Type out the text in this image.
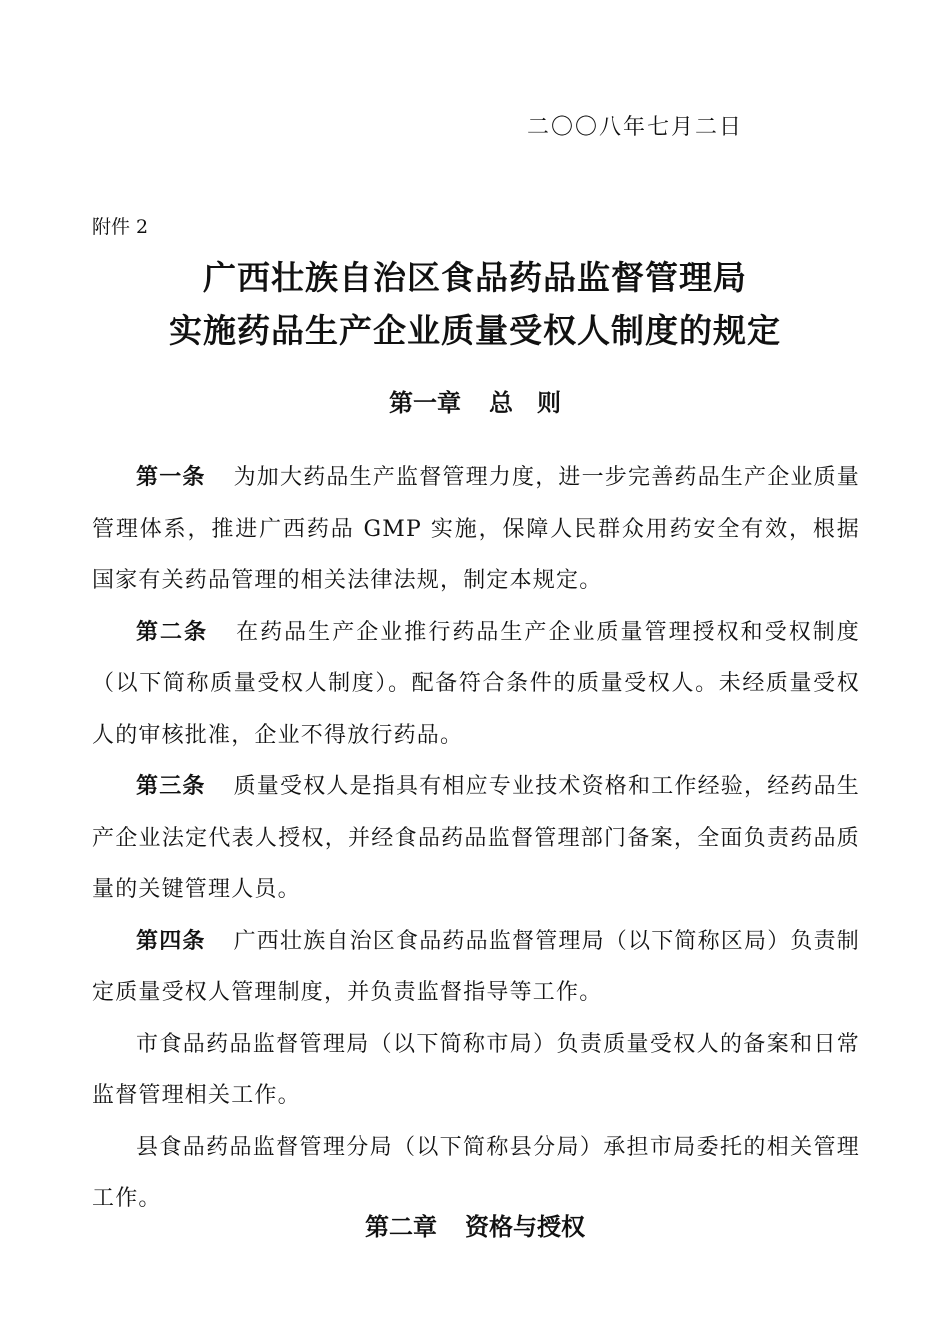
二〇〇八年七月二日
附件 2
广西壮族自治区食品药品监督管理局
实施药品生产企业质量受权人制度的规定
第一章 总　则

第一条 为加大药品生产监督管理力度，进一步完善药品生产企业质量管理体系，推进广西药品 GMP 实施，保障人民群众用药安全有效，根据国家有关药品管理的相关法律法规，制定本规定。

第二条 在药品生产企业推行药品生产企业质量管理授权和受权制度（以下简称质量受权人制度）。配备符合条件的质量受权人。未经质量受权人的审核批准，企业不得放行药品。

第三条 质量受权人是指具有相应专业技术资格和工作经验，经药品生产企业法定代表人授权，并经食品药品监督管理部门备案，全面负责药品质量的关键管理人员。

第四条 广西壮族自治区食品药品监督管理局（以下简称区局）负责制定质量受权人管理制度，并负责监督指导等工作。

市食品药品监督管理局（以下简称市局）负责质量受权人的备案和日常监督管理相关工作。

县食品药品监督管理分局（以下简称县分局）承担市局委托的相关管理工作。

第二章 资格与授权
